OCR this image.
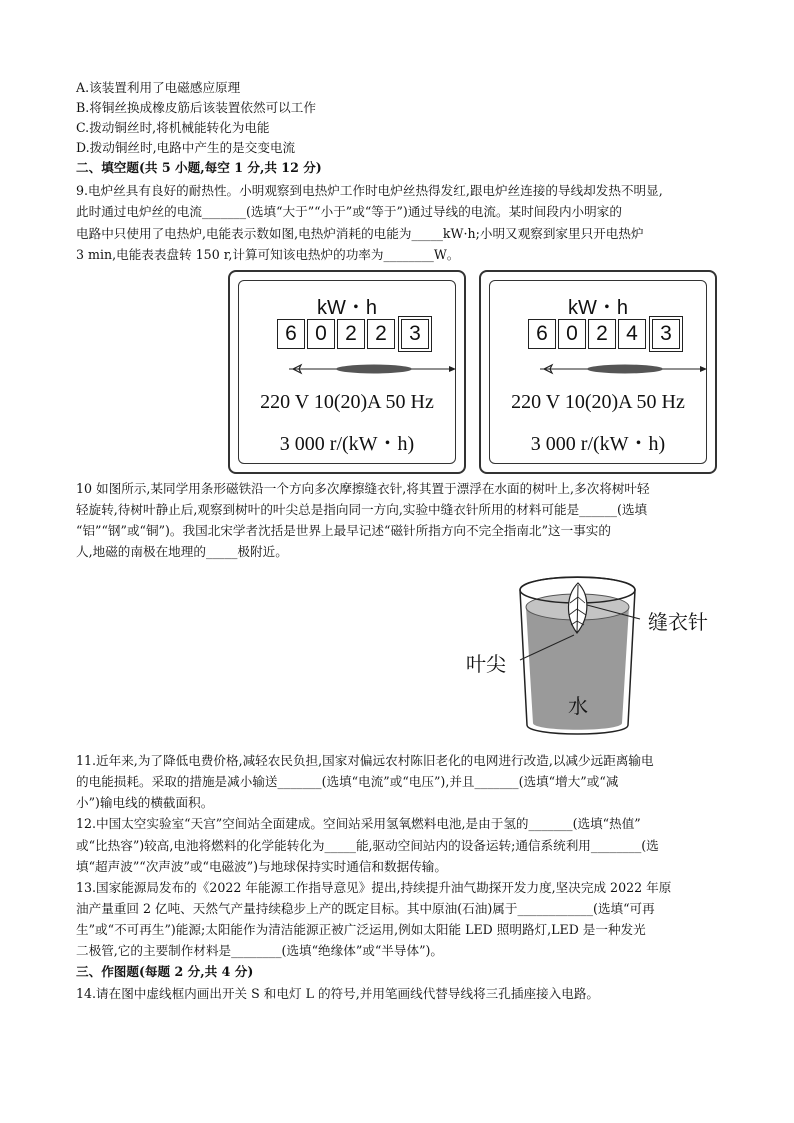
A.该装置利用了电磁感应原理
B.将铜丝换成橡皮筋后该装置依然可以工作
C.拨动铜丝时,将机械能转化为电能
D.拨动铜丝时,电路中产生的是交变电流
二、填空题(共 5 小题,每空 1 分,共 12 分)
9.电炉丝具有良好的耐热性。小明观察到电热炉工作时电炉丝热得发红,跟电炉丝连接的导线却发热不明显,
此时通过电炉丝的电流_______(选填“大于”“小于”或“等于”)通过导线的电流。某时间段内小明家的
电路中只使用了电热炉,电能表示数如图,电热炉消耗的电能为_____kW·h;小明又观察到家里只开电热炉
3 min,电能表表盘转 150 r,计算可知该电热炉的功率为________W。
10 如图所示,某同学用条形磁铁沿一个方向多次摩擦缝衣针,将其置于漂浮在水面的树叶上,多次将树叶轻
轻旋转,待树叶静止后,观察到树叶的叶尖总是指向同一方向,实验中缝衣针所用的材料可能是______(选填
“铝”“钢”或“铜”)。我国北宋学者沈括是世界上最早记述“磁针所指方向不完全指南北”这一事实的
人,地磁的南极在地理的_____极附近。
11.近年来,为了降低电费价格,减轻农民负担,国家对偏远农村陈旧老化的电网进行改造,以减少远距离输电
的电能损耗。采取的措施是减小输送_______(选填“电流”或“电压”),并且_______(选填“增大”或“减
小”)输电线的横截面积。
12.中国太空实验室“天宫”空间站全面建成。空间站采用氢氧燃料电池,是由于氢的_______(选填“热值”
或“比热容”)较高,电池将燃料的化学能转化为_____能,驱动空间站内的设备运转;通信系统利用________(选
填“超声波”“次声波”或“电磁波”)与地球保持实时通信和数据传输。
13.国家能源局发布的《2022 年能源工作指导意见》提出,持续提升油气勘探开发力度,坚决完成 2022 年原
油产量重回 2 亿吨、天然气产量持续稳步上产的既定目标。其中原油(石油)属于____________(选填“可再
生”或“不可再生”)能源;太阳能作为清洁能源正被广泛运用,例如太阳能 LED 照明路灯,LED 是一种发光
二极管,它的主要制作材料是________(选填“绝缘体”或“半导体”)。
三、作图题(每题 2 分,共 4 分)
14.请在图中虚线框内画出开关 S 和电灯 L 的符号,并用笔画线代替导线将三孔插座接入电路。
kW・h
6 0 2 2	3
220 V 10(20)A 50 Hz
3 000 r/(kW・h)
kW・h
6 0 2 4	3
220 V 10(20)A 50 Hz
3 000 r/(kW・h)
缝衣针
叶尖
水
